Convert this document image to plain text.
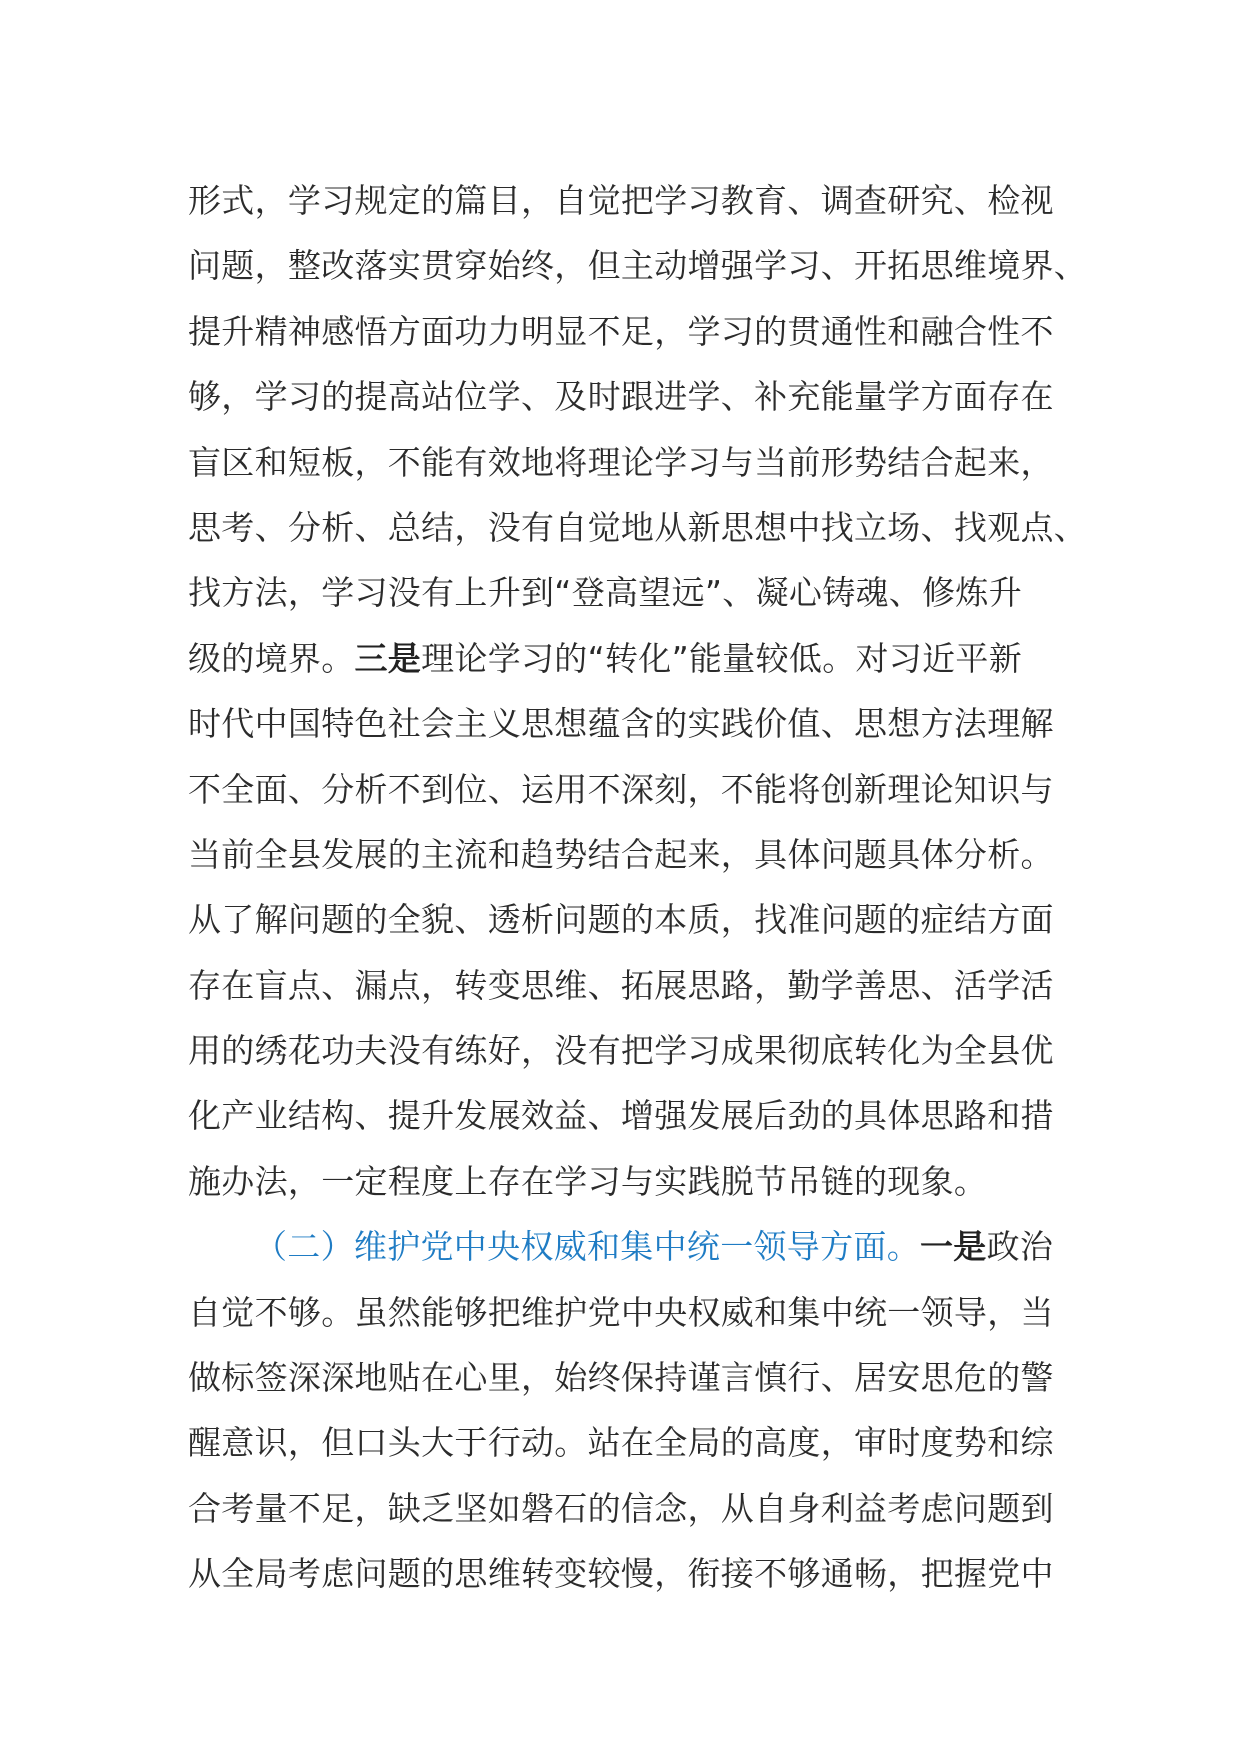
形式，学习规定的篇目，自觉把学习教育、调查研究、检视
问题，整改落实贯穿始终，但主动增强学习、开拓思维境界、
提升精神感悟方面功力明显不足，学习的贯通性和融合性不
够，学习的提高站位学、及时跟进学、补充能量学方面存在
盲区和短板，不能有效地将理论学习与当前形势结合起来，
思考、分析、总结，没有自觉地从新思想中找立场、找观点、
找方法，学习没有上升到“登高望远”、凝心铸魂、修炼升
级的境界。三是理论学习的“转化”能量较低。对习近平新
时代中国特色社会主义思想蕴含的实践价值、思想方法理解
不全面、分析不到位、运用不深刻，不能将创新理论知识与
当前全县发展的主流和趋势结合起来，具体问题具体分析。
从了解问题的全貌、透析问题的本质，找准问题的症结方面
存在盲点、漏点，转变思维、拓展思路，勤学善思、活学活
用的绣花功夫没有练好，没有把学习成果彻底转化为全县优
化产业结构、提升发展效益、增强发展后劲的具体思路和措
施办法，一定程度上存在学习与实践脱节吊链的现象。
（二）维护党中央权威和集中统一领导方面。一是政治
自觉不够。虽然能够把维护党中央权威和集中统一领导，当
做标签深深地贴在心里，始终保持谨言慎行、居安思危的警
醒意识，但口头大于行动。站在全局的高度，审时度势和综
合考量不足，缺乏坚如磐石的信念，从自身利益考虑问题到
从全局考虑问题的思维转变较慢，衔接不够通畅，把握党中
